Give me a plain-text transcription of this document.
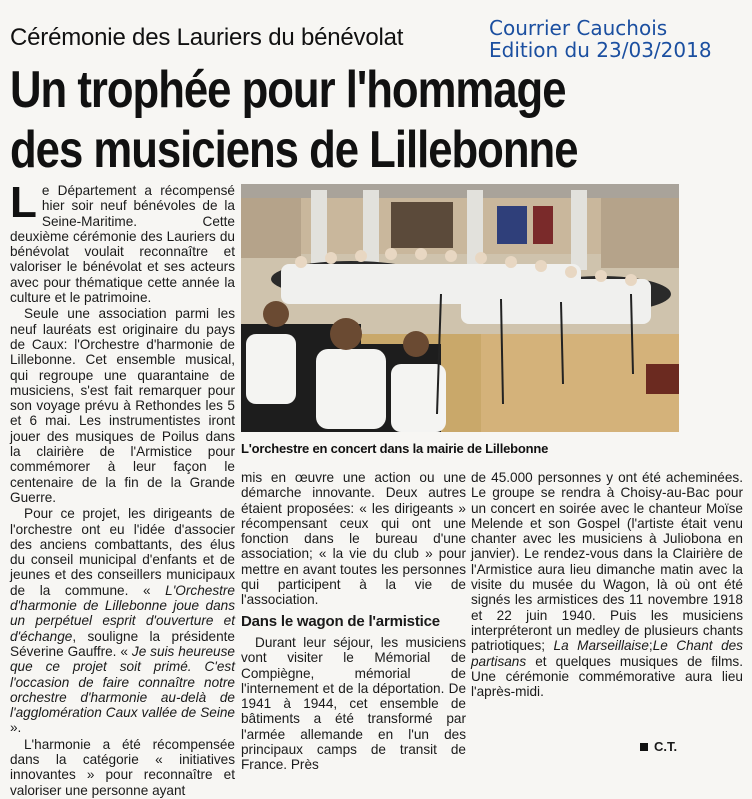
Cérémonie des Lauriers du bénévolat	Courrier Cauchois
Edition du 23/03/2018
Un trophée pour l'hommage
des musiciens de Lillebonne

Le Département a récompensé hier soir neuf bénévoles de la Seine-Maritime. Cette deuxième cérémonie des Lauriers du bénévolat voulait reconnaître et valoriser le bénévolat et ses acteurs avec pour thématique cette année la culture et le patrimoine.

Seule une association parmi les neuf lauréats est originaire du pays de Caux: l'Orchestre d'harmonie de Lillebonne. Cet ensemble musical, qui regroupe une quarantaine de musiciens, s'est fait remarquer pour son voyage prévu à Rethondes les 5 et 6 mai. Les instrumentistes iront jouer des musiques de Poilus dans la clairière de l'Armistice pour commémorer à leur façon le centenaire de la fin de la Grande Guerre.

Pour ce projet, les dirigeants de l'orchestre ont eu l'idée d'associer des anciens combattants, des élus du conseil municipal d'enfants et de jeunes et des conseillers municipaux de la commune. « L'Orchestre d'harmonie de Lillebonne joue dans un perpétuel esprit d'ouverture et d'échange, souligne la présidente Séverine Gauffre. « Je suis heureuse que ce projet soit primé. C'est l'occasion de faire connaître notre orchestre d'harmonie au-delà de l'agglomération Caux vallée de Seine ».

L'harmonie a été récompensée dans la catégorie « initiatives innovantes » pour reconnaître et valoriser une personne ayant

L'orchestre en concert dans la mairie de Lillebonne

mis en œuvre une action ou une démarche innovante. Deux autres étaient proposées: « les dirigeants » récompensant ceux qui ont une fonction dans le bureau d'une association; « la vie du club » pour mettre en avant toutes les personnes qui participent à la vie de l'association.

Dans le wagon de l'armistice

Durant leur séjour, les musiciens vont visiter le Mémorial de Compiègne, mémorial de l'internement et de la déportation. De 1941 à 1944, cet ensemble de bâtiments a été transformé par l'armée allemande en l'un des principaux camps de transit de France. Près

de 45.000 personnes y ont été acheminées. Le groupe se rendra à Choisy-au-Bac pour un concert en soirée avec le chanteur Moïse Melende et son Gospel (l'artiste était venu chanter avec les musiciens à Juliobona en janvier). Le rendez-vous dans la Clairière de l'Armistice aura lieu dimanche matin avec la visite du musée du Wagon, là où ont été signés les armistices des 11 novembre 1918 et 22 juin 1940. Puis les musiciens interpréteront un medley de plusieurs chants patriotiques; La Marseillaise;Le Chant des partisans et quelques musiques de films. Une cérémonie commémorative aura lieu l'après-midi.

C.T.
